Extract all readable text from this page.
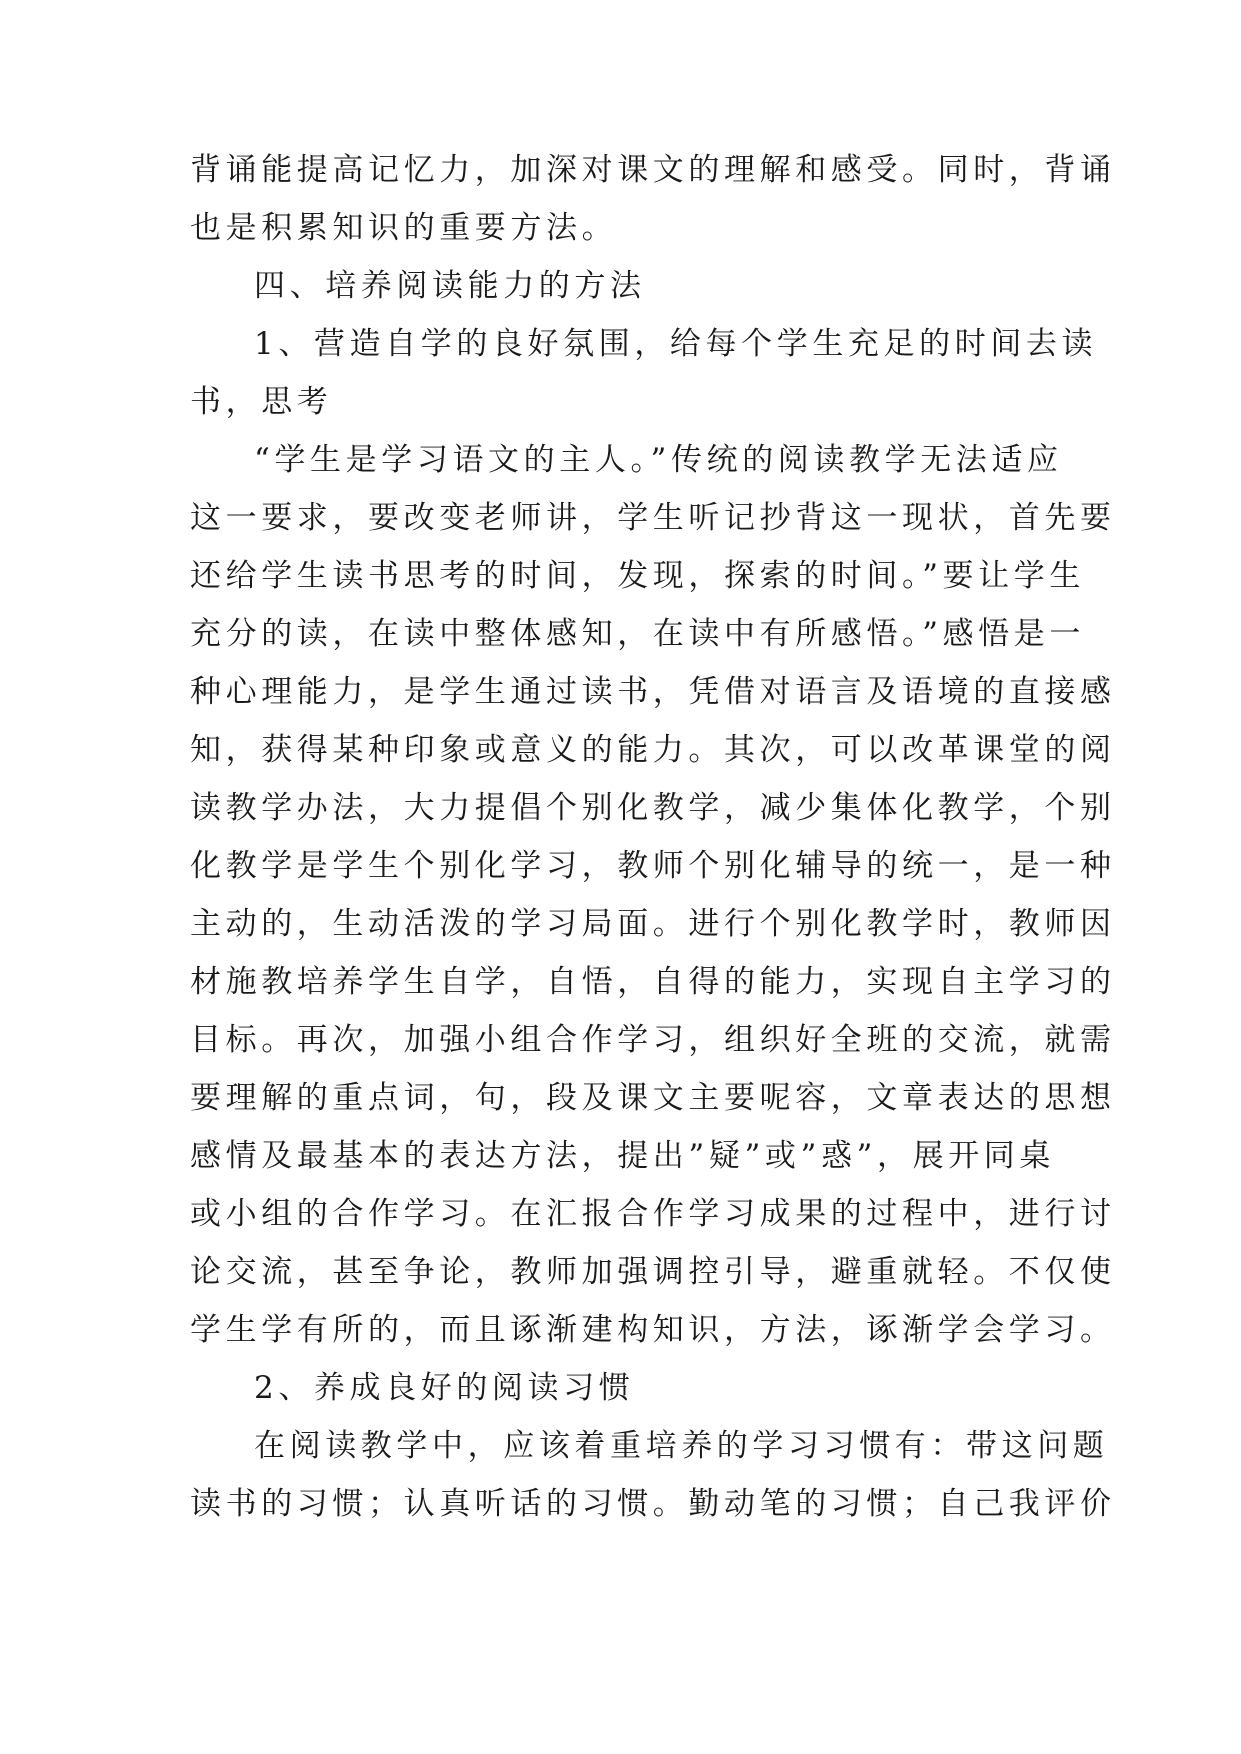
背诵能提高记忆力，加深对课文的理解和感受。同时，背诵
也是积累知识的重要方法。
四、培养阅读能力的方法
1、营造自学的良好氛围，给每个学生充足的时间去读
书，思考
“学生是学习语文的主人。”传统的阅读教学无法适应
这一要求，要改变老师讲，学生听记抄背这一现状，首先要
还给学生读书思考的时间，发现，探索的时间。”要让学生
充分的读，在读中整体感知，在读中有所感悟。”感悟是一
种心理能力，是学生通过读书，凭借对语言及语境的直接感
知，获得某种印象或意义的能力。其次，可以改革课堂的阅
读教学办法，大力提倡个别化教学，减少集体化教学，个别
化教学是学生个别化学习，教师个别化辅导的统一，是一种
主动的，生动活泼的学习局面。进行个别化教学时，教师因
材施教培养学生自学，自悟，自得的能力，实现自主学习的
目标。再次，加强小组合作学习，组织好全班的交流，就需
要理解的重点词，句，段及课文主要呢容，文章表达的思想
感情及最基本的表达方法，提出”疑”或”惑”，展开同桌
或小组的合作学习。在汇报合作学习成果的过程中，进行讨
论交流，甚至争论，教师加强调控引导，避重就轻。不仅使
学生学有所的，而且诼渐建构知识，方法，诼渐学会学习。
2、养成良好的阅读习惯
在阅读教学中，应该着重培养的学习习惯有：带这问题
读书的习惯；认真听话的习惯。勤动笔的习惯；自己我评价
